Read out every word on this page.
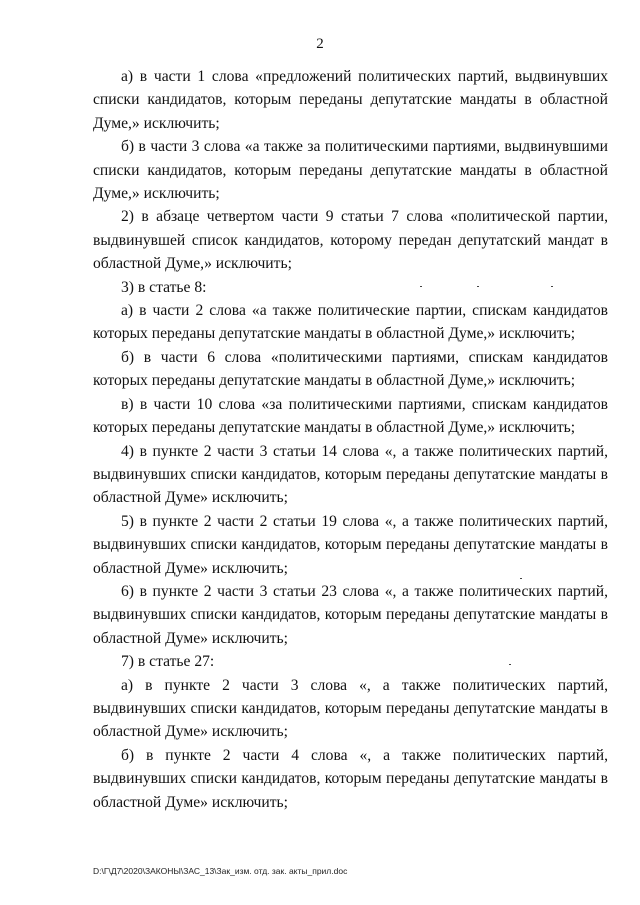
2

а) в части 1 слова «предложений политических партий, выдвинувших списки кандидатов, которым переданы депутатские мандаты в областной Думе,» исключить;

б) в части 3 слова «а также за политическими партиями, выдвинувшими списки кандидатов, которым переданы депутатские мандаты в областной Думе,» исключить;

2) в абзаце четвертом части 9 статьи 7 слова «политической партии, выдвинувшей список кандидатов, которому передан депутатский мандат в областной Думе,» исключить;

3) в статье 8:

а) в части 2 слова «а также политические партии, спискам кандидатов которых переданы депутатские мандаты в областной Думе,» исключить;

б) в части 6 слова «политическими партиями, спискам кандидатов которых переданы депутатские мандаты в областной Думе,» исключить;

в) в части 10 слова «за политическими партиями, спискам кандидатов которых переданы депутатские мандаты в областной Думе,» исключить;

4) в пункте 2 части 3 статьи 14 слова «, а также политических партий, выдвинувших списки кандидатов, которым переданы депутатские мандаты в областной Думе» исключить;

5) в пункте 2 части 2 статьи 19 слова «, а также политических партий, выдвинувших списки кандидатов, которым переданы депутатские мандаты в областной Думе» исключить;

6) в пункте 2 части 3 статьи 23 слова «, а также политических партий, выдвинувших списки кандидатов, которым переданы депутатские мандаты в областной Думе» исключить;

7) в статье 27:

а) в пункте 2 части 3 слова «, а также политических партий, выдвинувших списки кандидатов, которым переданы депутатские мандаты в областной Думе» исключить;

б) в пункте 2 части 4 слова «, а также политических партий, выдвинувших списки кандидатов, которым переданы депутатские мандаты в областной Думе» исключить;

D:\Г\Д7\2020\ЗАКОНЫ\ЗАС_13\Зак_изм. отд. зак. акты_прил.doc
